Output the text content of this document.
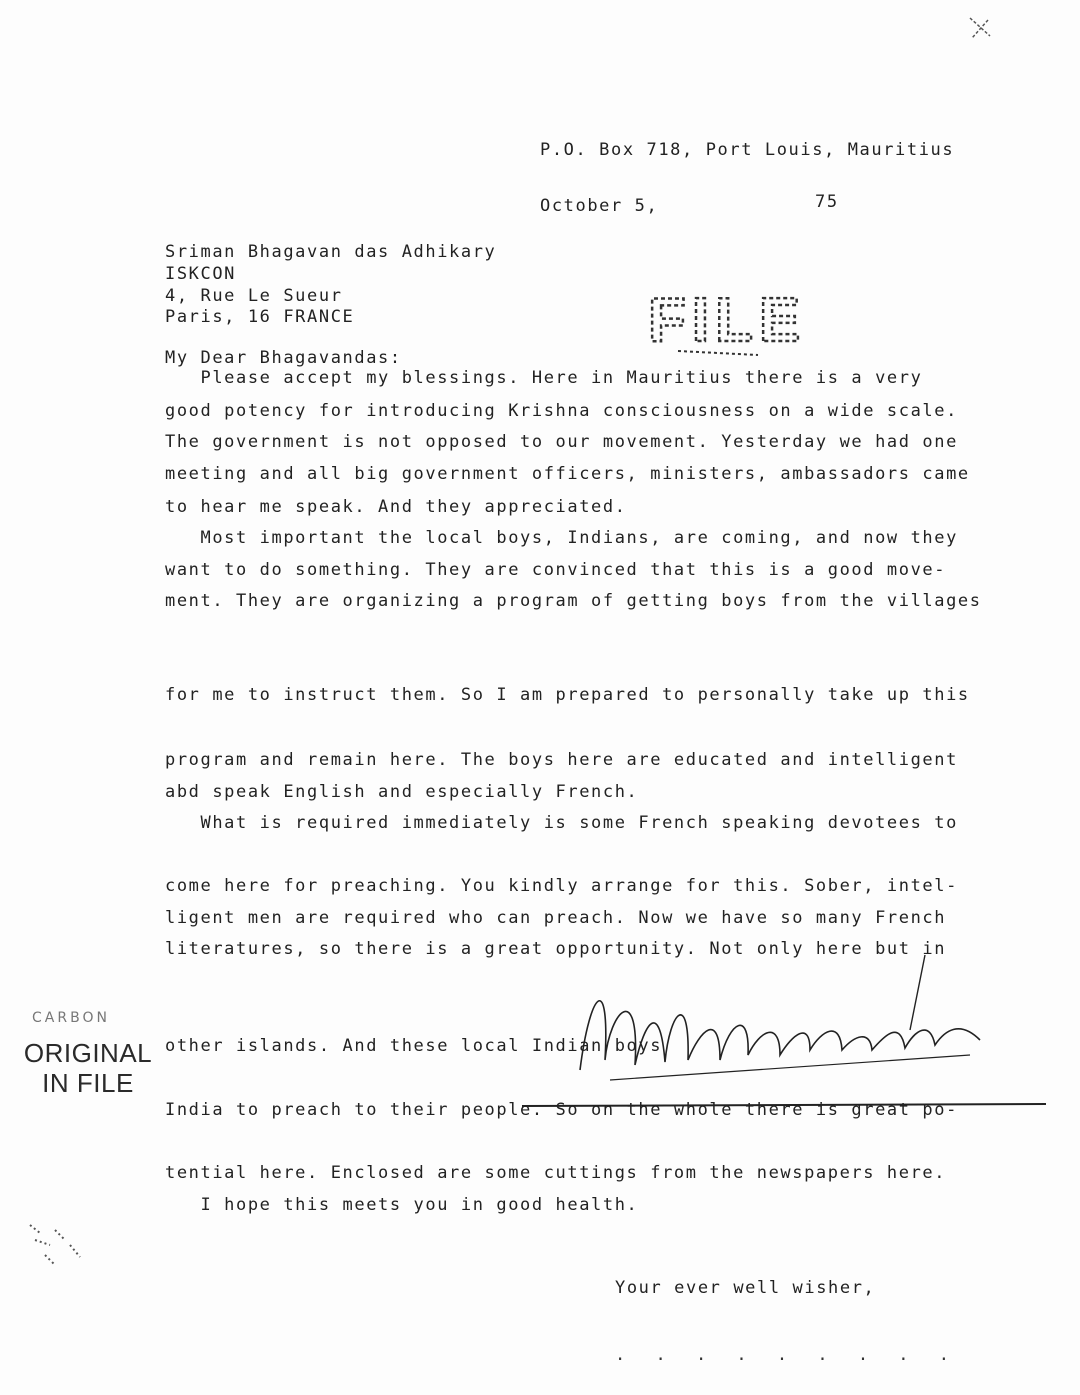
P.O. Box 718, Port Louis, Mauritius
October 5,	75
Sriman Bhagavan das Adhikary
ISKCON
4, Rue Le Sueur
Paris, 16 FRANCE	FILE
My Dear Bhagavandas:
Please accept my blessings. Here in Mauritius there is a very
good potency for introducing Krishna consciousness on a wide scale.
The government is not opposed to our movement. Yesterday we had one
meeting and all big government officers, ministers, ambassadors came
to hear me speak. And they appreciated.
Most important the local boys, Indians, are coming, and now they
want to do something. They are convinced that this is a good move-
ment. They are organizing a program of getting boys from the villages
for me to instruct them. So I am prepared to personally take up this
program and remain here. The boys here are educated and intelligent
abd speak English and especially French.
What is required immediately is some French speaking devotees to
come here for preaching. You kindly arrange for this. Sober, intel-
ligent men are required who can preach. Now we have so many French
literatures, so there is a great opportunity. Not only here but in
other islands. And these local Indian boys
India to preach to their people. So on the whole there is great po-
tential here. Enclosed are some cuttings from the newspapers here.
I hope this meets you in good health.
CARBON
ORIGINAL
IN FILE
Your ever well wisher,
. . . . . . . . .
